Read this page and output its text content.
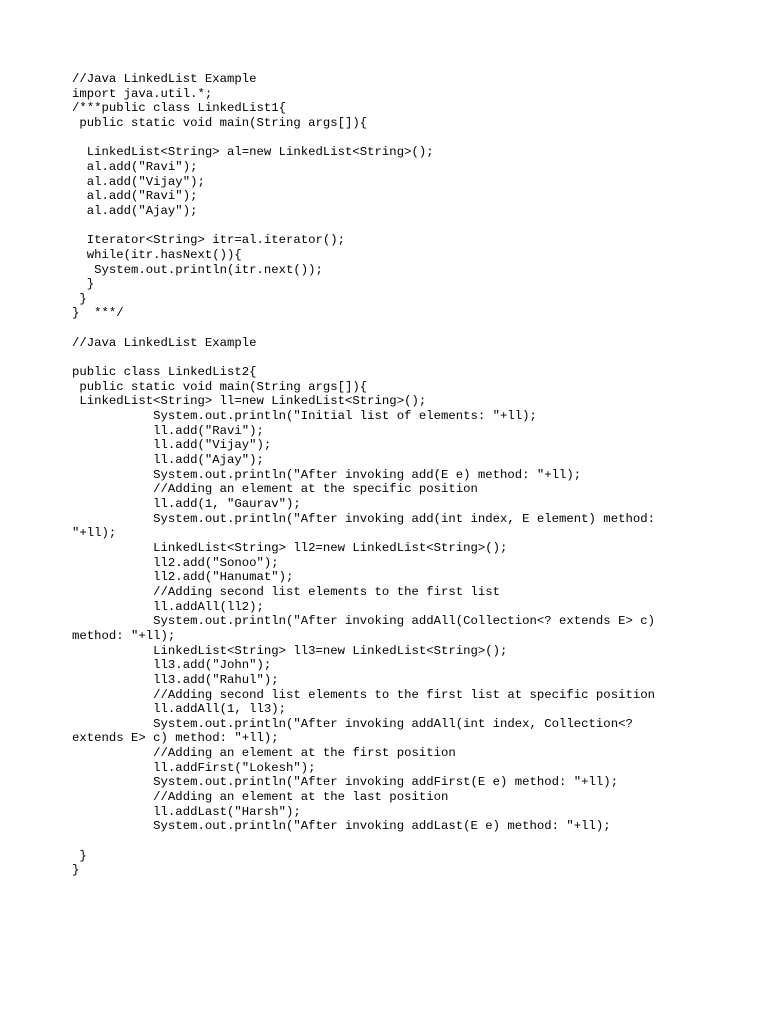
//Java LinkedList Example
import java.util.*;
/***public class LinkedList1{
public static void main(String args[]){
LinkedList<String> al=new LinkedList<String>();
al.add("Ravi");
al.add("Vijay");
al.add("Ravi");
al.add("Ajay");
Iterator<String> itr=al.iterator();
while(itr.hasNext()){
System.out.println(itr.next());
}
}
}  ***/
//Java LinkedList Example
public class LinkedList2{
public static void main(String args[]){
LinkedList<String> ll=new LinkedList<String>();
System.out.println("Initial list of elements: "+ll);
ll.add("Ravi");
ll.add("Vijay");
ll.add("Ajay");
System.out.println("After invoking add(E e) method: "+ll);
//Adding an element at the specific position
ll.add(1, "Gaurav");
System.out.println("After invoking add(int index, E element) method:
"+ll);
LinkedList<String> ll2=new LinkedList<String>();
ll2.add("Sonoo");
ll2.add("Hanumat");
//Adding second list elements to the first list
ll.addAll(ll2);
System.out.println("After invoking addAll(Collection<? extends E> c)
method: "+ll);
LinkedList<String> ll3=new LinkedList<String>();
ll3.add("John");
ll3.add("Rahul");
//Adding second list elements to the first list at specific position
ll.addAll(1, ll3);
System.out.println("After invoking addAll(int index, Collection<?
extends E> c) method: "+ll);
//Adding an element at the first position
ll.addFirst("Lokesh");
System.out.println("After invoking addFirst(E e) method: "+ll);
//Adding an element at the last position
ll.addLast("Harsh");
System.out.println("After invoking addLast(E e) method: "+ll);
}
}
